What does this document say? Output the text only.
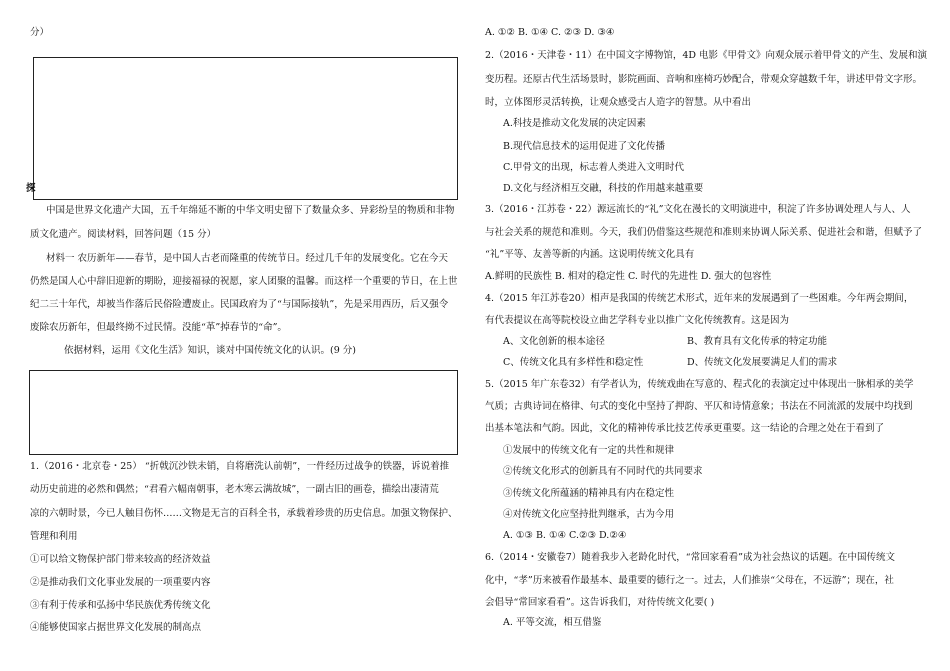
分）
探
中国是世界文化遗产大国，五千年绵延不断的中华文明史留下了数量众多、异彩纷呈的物质和非物
质文化遗产。阅读材料，回答问题（15 分）
材料一 农历新年——春节，是中国人古老而隆重的传统节日。经过几千年的发展变化。它在今天
仍然是国人心中辞旧迎新的期盼，迎接福禄的祝愿，家人团聚的温馨。而这样一个重要的节日，在上世
纪二三十年代，却被当作落后民俗险遭废止。民国政府为了“与国际接轨”，先是采用西历，后又强令
废除农历新年，但最终拗不过民情。没能“革”掉春节的“命”。
依据材料，运用《文化生活》知识，谈对中国传统文化的认识。(9 分)
1.（2016・北京卷・25） “折戟沉沙铁未销，自将磨洗认前朝”，一件经历过战争的铁器，诉说着推
动历史前进的必然和偶然；“君看六幅南朝事，老木寒云满故城”，一副古旧的画卷，描绘出凄清荒
凉的六朝时景，今已人触目伤怀……文物是无言的百科全书，承载着珍贵的历史信息。加强文物保护、
管理和利用
①可以给文物保护部门带来较高的经济效益
②是推动我们文化事业发展的一项重要内容
③有利于传承和弘扬中华民族优秀传统文化
④能够使国家占据世界文化发展的制高点
A. ①② B. ①④ C. ②③ D. ③④
2.（2016・天津卷・11）在中国文字博物馆，4D 电影《甲骨文》向观众展示着甲骨文的产生、发展和演
变历程。还原古代生活场景时，影院画面、音响和座椅巧妙配合，带观众穿越数千年，讲述甲骨文字形。
时，立体图形灵活转换，让观众感受古人造字的智慧。从中看出
A.科技是推动文化发展的决定因素
B.现代信息技术的运用促进了文化传播
C.甲骨文的出现，标志着人类进入文明时代
D.文化与经济相互交融，科技的作用越来越重要
3.（2016・江苏卷・22）源远流长的“礼”文化在漫长的文明演进中，积淀了许多协调处理人与人、人
与社会关系的规范和准则。今天，我们仍借鉴这些规范和准则来协调人际关系、促进社会和谐，但赋予了
“礼”平等、友善等新的内涵。这说明传统文化具有
A.鲜明的民族性 B. 相对的稳定性 C. 时代的先进性 D. 强大的包容性
4.（2015 年江苏卷20）相声是我国的传统艺术形式，近年来的发展遇到了一些困难。今年两会期间，
有代表提议在高等院校设立曲艺学科专业以推广文化传统教育。这是因为
A、文化创新的根本途径	B、教育具有文化传承的特定功能
C、传统文化具有多样性和稳定性	D、传统文化发展要满足人们的需求
5.（2015 年广东卷32）有学者认为，传统戏曲在写意的、程式化的表演定过中体现出一脉相承的美学
气质；古典诗词在格律、句式的变化中坚持了押韵、平仄和诗情意象；书法在不同流派的发展中均找到
出基本笔法和气韵。因此，文化的精神传承比技艺传承更重要。这一结论的合理之处在于看到了
①发展中的传统文化有一定的共性和规律
②传统文化形式的创新具有不同时代的共同要求
③传统文化所蕴涵的精神具有内在稳定性
④对传统文化应坚持批判继承，古为今用
A. ①③ B. ①④ C.②③ D.②④
6.（2014・安徽卷7）随着我步入老龄化时代，“常回家看看”成为社会热议的话题。在中国传统文
化中，“孝”历来被看作最基本、最重要的德行之一。过去，人们推崇“父母在，不远游”；现在，社
会倡导“常回家看看”。这告诉我们，对待传统文化要( )
A. 平等交流，相互借鉴
